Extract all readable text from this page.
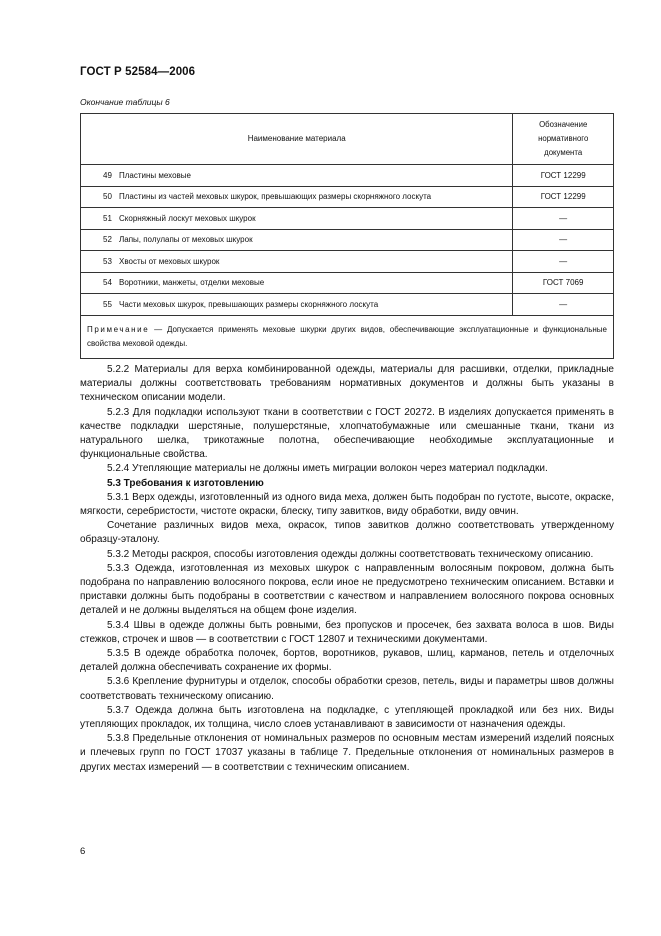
ГОСТ Р 52584—2006
Окончание таблицы 6
Наименование материала	Обозначение
нормативного
документа

49 Пластины меховые	ГОСТ 12299
50 Пластины из частей меховых шкурок, превышающих размеры скорняжного лоскута	ГОСТ 12299
51 Скорняжный лоскут меховых шкурок	—
52 Лапы, полулапы от меховых шкурок	—
53 Хвосты от меховых шкурок	—
54 Воротники, манжеты, отделки меховые	ГОСТ 7069
55 Части меховых шкурок, превышающих размеры скорняжного лоскута	—
Примечание — Допускается применять меховые шкурки других видов, обеспечивающие эксплуатационные и функциональные свойства меховой одежды.	

5.2.2 Материалы для верха комбинированной одежды, материалы для расшивки, отделки, прикладные материалы должны соответствовать требованиям нормативных документов и должны быть указаны в техническом описании модели.

5.2.3 Для подкладки используют ткани в соответствии с ГОСТ 20272. В изделиях допускается применять в качестве подкладки шерстяные, полушерстяные, хлопчатобумажные или смешанные ткани, ткани из натурального шелка, трикотажные полотна, обеспечивающие необходимые эксплуатационные и функциональные свойства.

5.2.4 Утепляющие материалы не должны иметь миграции волокон через материал подкладки.

5.3 Требования к изготовлению

5.3.1 Верх одежды, изготовленный из одного вида меха, должен быть подобран по густоте, высоте, окраске, мягкости, серебристости, чистоте окраски, блеску, типу завитков, виду обработки, виду овчин.

Сочетание различных видов меха, окрасок, типов завитков должно соответствовать утвержденному образцу-эталону.

5.3.2 Методы раскроя, способы изготовления одежды должны соответствовать техническому описанию.

5.3.3 Одежда, изготовленная из меховых шкурок с направленным волосяным покровом, должна быть подобрана по направлению волосяного покрова, если иное не предусмотрено техническим описанием. Вставки и приставки должны быть подобраны в соответствии с качеством и направлением волосяного покрова основных деталей и не должны выделяться на общем фоне изделия.

5.3.4 Швы в одежде должны быть ровными, без пропусков и просечек, без захвата волоса в шов. Виды стежков, строчек и швов — в соответствии с ГОСТ 12807 и техническими документами.

5.3.5 В одежде обработка полочек, бортов, воротников, рукавов, шлиц, карманов, петель и отделочных деталей должна обеспечивать сохранение их формы.

5.3.6 Крепление фурнитуры и отделок, способы обработки срезов, петель, виды и параметры швов должны соответствовать техническому описанию.

5.3.7 Одежда должна быть изготовлена на подкладке, с утепляющей прокладкой или без них. Виды утепляющих прокладок, их толщина, число слоев устанавливают в зависимости от назначения одежды.

5.3.8 Предельные отклонения от номинальных размеров по основным местам измерений изделий поясных и плечевых групп по ГОСТ 17037 указаны в таблице 7. Предельные отклонения от номинальных размеров в других местах измерений — в соответствии с техническим описанием.

6
